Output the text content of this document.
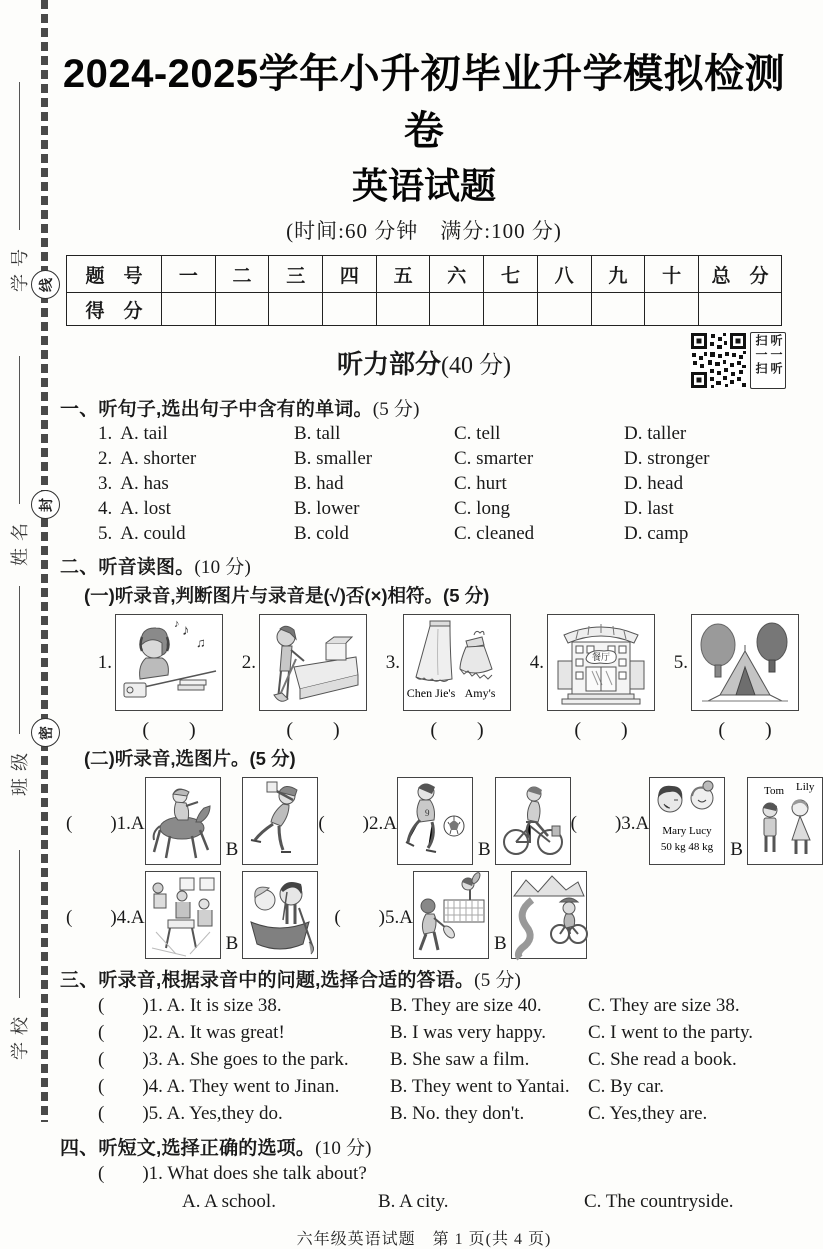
学号
姓名
班级
学校
线
封
密
2024-2025学年小升初毕业升学模拟检测卷
英语试题
(时间:60 分钟　满分:100 分)
题　号	一	二	三	四	五	六	七	八	九	十	总　分
得　分											
听力部分(40 分)	扫一扫 听一听
一、听句子,选出句子中含有的单词。(5 分)
1. A. tail	B. tall	C. tell	D. taller
2. A. shorter	B. smaller	C. smarter	D. stronger
3. A. has	B. had	C. hurt	D. head
4. A. lost	B. lower	C. long	D. last
5. A. could	B. cold	C. cleaned	D. camp
二、听音读图。(10 分)
(一)听录音,判断图片与录音是(√)否(×)相符。(5 分)
1.
♪
♫
♪
(　　)
2.
(　　)
3.
Chen Jie's Amy's
(　　)
4.	餐厅
(　　)
5.
(　　)
(二)听录音,选图片。(5 分)
(　　)1.A
B
(　　)2.A	9
B
(　　)3.A Mary Lucy
50 kg 48 kg B
Tom Lily
(　　)4.A
B
(　　)5.A
B
三、听录音,根据录音中的问题,选择合适的答语。(5 分)
(　　)1. A. It is size 38.	B. They are size 40.	C. They are size 38.
(　　)2. A. It was great!	B. I was very happy.	C. I went to the party.
(　　)3. A. She goes to the park.	B. She saw a film.	C. She read a book.
(　　)4. A. They went to Jinan.	B. They went to Yantai. C. By car.
(　　)5. A. Yes,they do.	B. No. they don't.	C. Yes,they are.
四、听短文,选择正确的选项。(10 分)
(　　)1. What does she talk about?
A. A school.	B. A city.	C. The countryside.
六年级英语试题　第 1 页(共 4 页)
